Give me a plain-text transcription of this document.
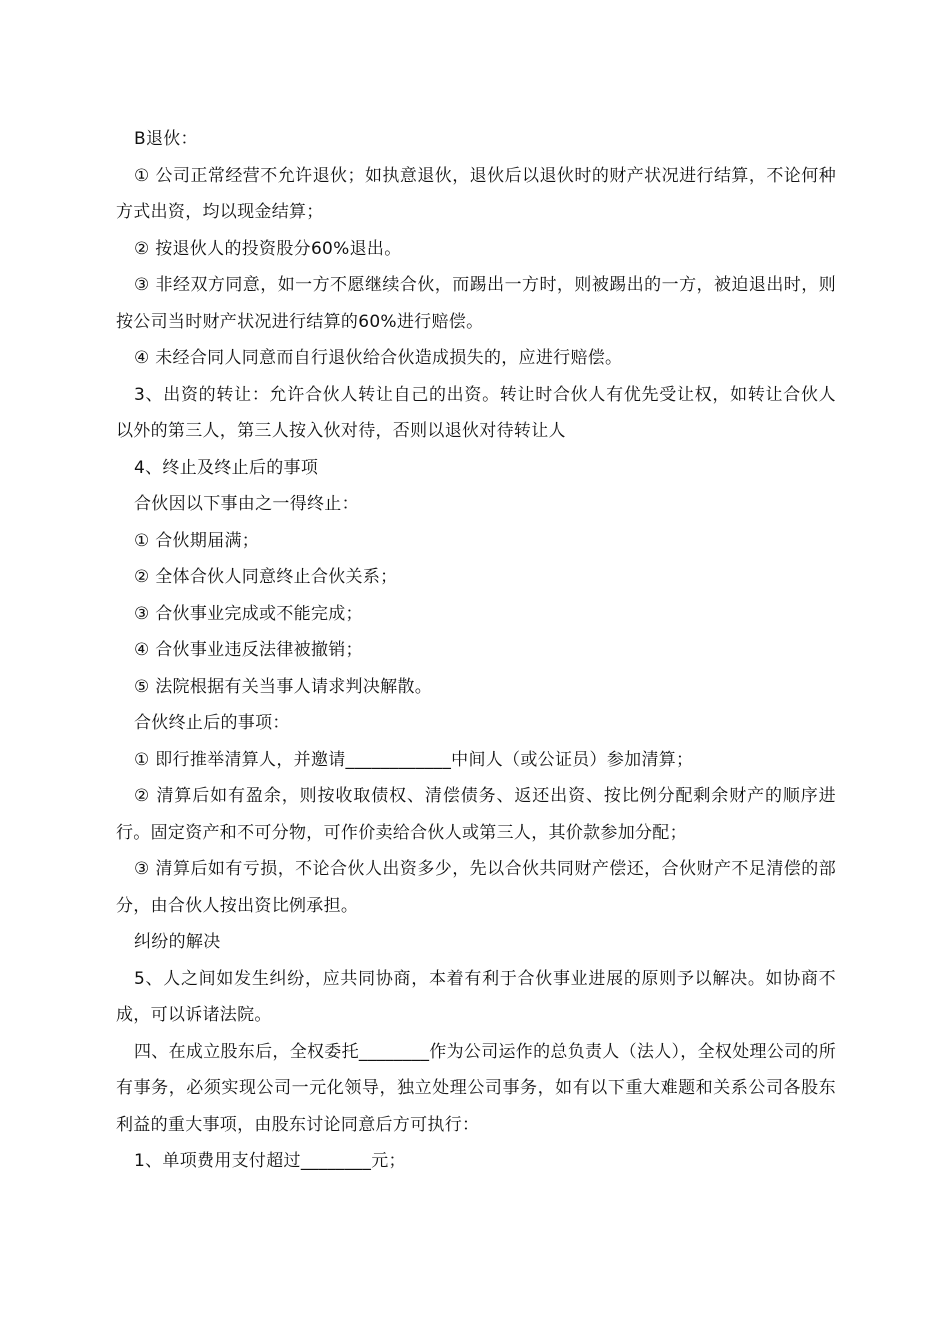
B退伙：

① 公司正常经营不允许退伙；如执意退伙，退伙后以退伙时的财产状况进行结算，不论何种方式出资，均以现金结算；

② 按退伙人的投资股分60%退出。

③ 非经双方同意，如一方不愿继续合伙，而踢出一方时，则被踢出的一方，被迫退出时，则按公司当时财产状况进行结算的60%进行赔偿。

④ 未经合同人同意而自行退伙给合伙造成损失的，应进行赔偿。

3、出资的转让：允许合伙人转让自己的出资。转让时合伙人有优先受让权，如转让合伙人以外的第三人，第三人按入伙对待，否则以退伙对待转让人

4、终止及终止后的事项

合伙因以下事由之一得终止：

① 合伙期届满；

② 全体合伙人同意终止合伙关系；

③ 合伙事业完成或不能完成；

④ 合伙事业违反法律被撤销；

⑤ 法院根据有关当事人请求判决解散。

合伙终止后的事项：

① 即行推举清算人，并邀请____________中间人（或公证员）参加清算；

② 清算后如有盈余，则按收取债权、清偿债务、返还出资、按比例分配剩余财产的顺序进行。固定资产和不可分物，可作价卖给合伙人或第三人，其价款参加分配；

③ 清算后如有亏损，不论合伙人出资多少，先以合伙共同财产偿还，合伙财产不足清偿的部分，由合伙人按出资比例承担。

纠纷的解决

5、人之间如发生纠纷，应共同协商，本着有利于合伙事业进展的原则予以解决。如协商不成，可以诉诸法院。

四、在成立股东后，全权委托________作为公司运作的总负责人（法人），全权处理公司的所有事务，必须实现公司一元化领导，独立处理公司事务，如有以下重大难题和关系公司各股东利益的重大事项，由股东讨论同意后方可执行：

1、单项费用支付超过________元；
